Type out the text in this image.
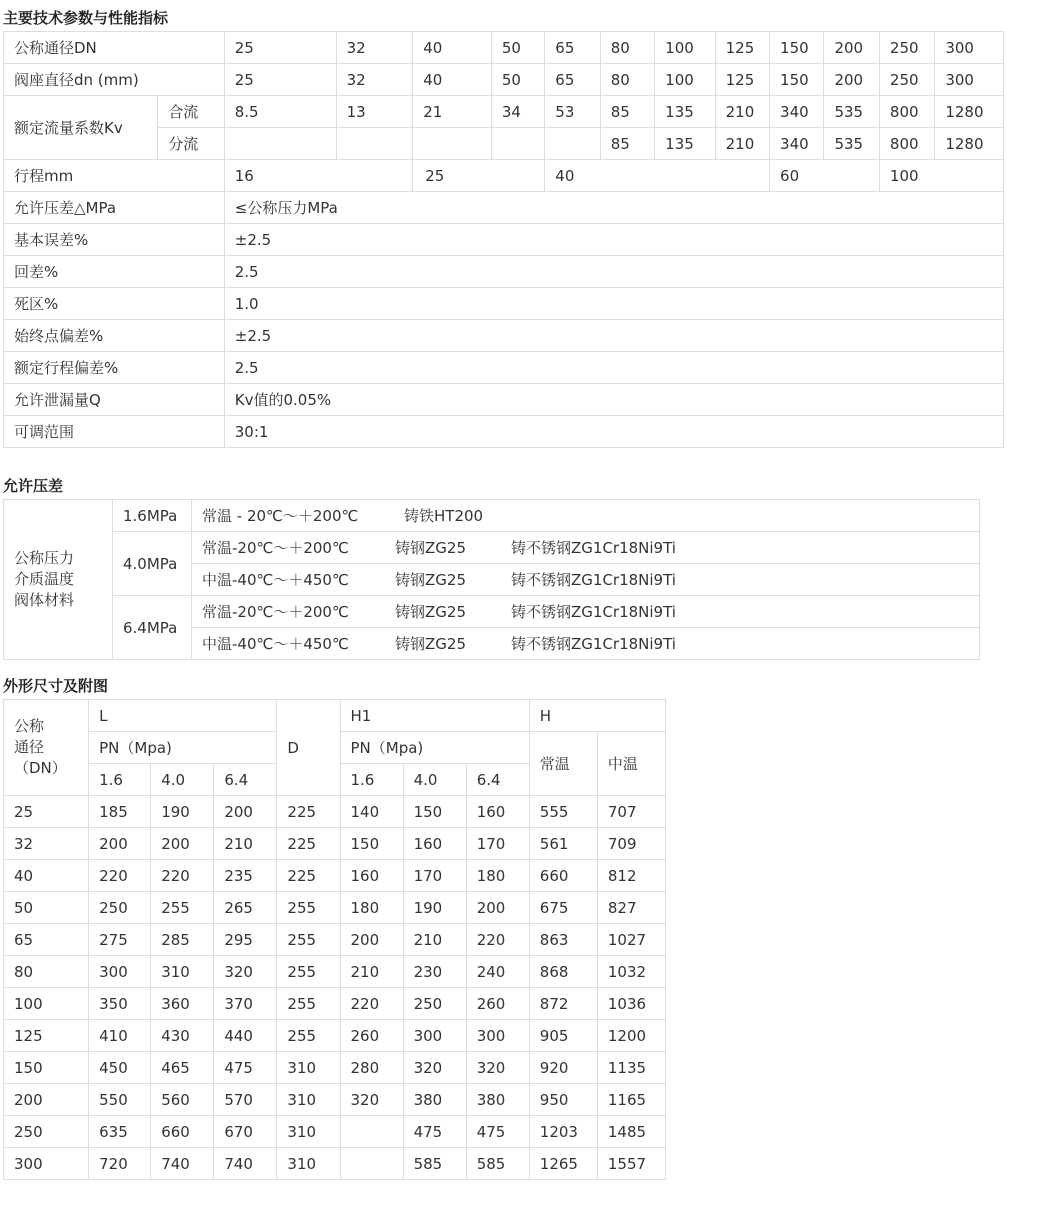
主要技术参数与性能指标
公称通径DN		25	32	40	50	65	80	100	125	150	200	250	300
阀座直径dn (mm)		25	32	40	50	65	80	100	125	150	200	250	300
额定流量系数Kv	合流	8.5	13	21	34	53	85	135	210	340	535	800	1280
	分流						85	135	210	340	535	800	1280
行程mm		16		25		40				60		100	
允许压差△MPa		≤公称压力MPa											
基本误差%		±2.5											
回差%		2.5											
死区%		1.0											
始终点偏差%		±2.5											
额定行程偏差%		2.5											
允许泄漏量Q		Kv值的0.05%											
可调范围		30:1											
允许压差
公称压力
介质温度
阀体材料	1.6MPa	常温 - 20℃～＋200℃ 铸铁HT200
	4.0MPa	常温-20℃～＋200℃ 铸钢ZG25 铸不锈钢ZG1Cr18Ni9Ti
		中温-40℃～＋450℃ 铸钢ZG25 铸不锈钢ZG1Cr18Ni9Ti
	6.4MPa	常温-20℃～＋200℃ 铸钢ZG25 铸不锈钢ZG1Cr18Ni9Ti
		中温-40℃～＋450℃ 铸钢ZG25 铸不锈钢ZG1Cr18Ni9Ti
外形尺寸及附图
公称
通径
（DN）	L			D	H1			H	
	PN（Mpa)				PN（Mpa)			常温	中温
	1.6	4.0	6.4		1.6	4.0	6.4		
25	185	190	200	225	140	150	160	555	707
32	200	200	210	225	150	160	170	561	709
40	220	220	235	225	160	170	180	660	812
50	250	255	265	255	180	190	200	675	827
65	275	285	295	255	200	210	220	863	1027
80	300	310	320	255	210	230	240	868	1032
100	350	360	370	255	220	250	260	872	1036
125	410	430	440	255	260	300	300	905	1200
150	450	465	475	310	280	320	320	920	1135
200	550	560	570	310	320	380	380	950	1165
250	635	660	670	310		475	475	1203	1485
300	720	740	740	310		585	585	1265	1557
